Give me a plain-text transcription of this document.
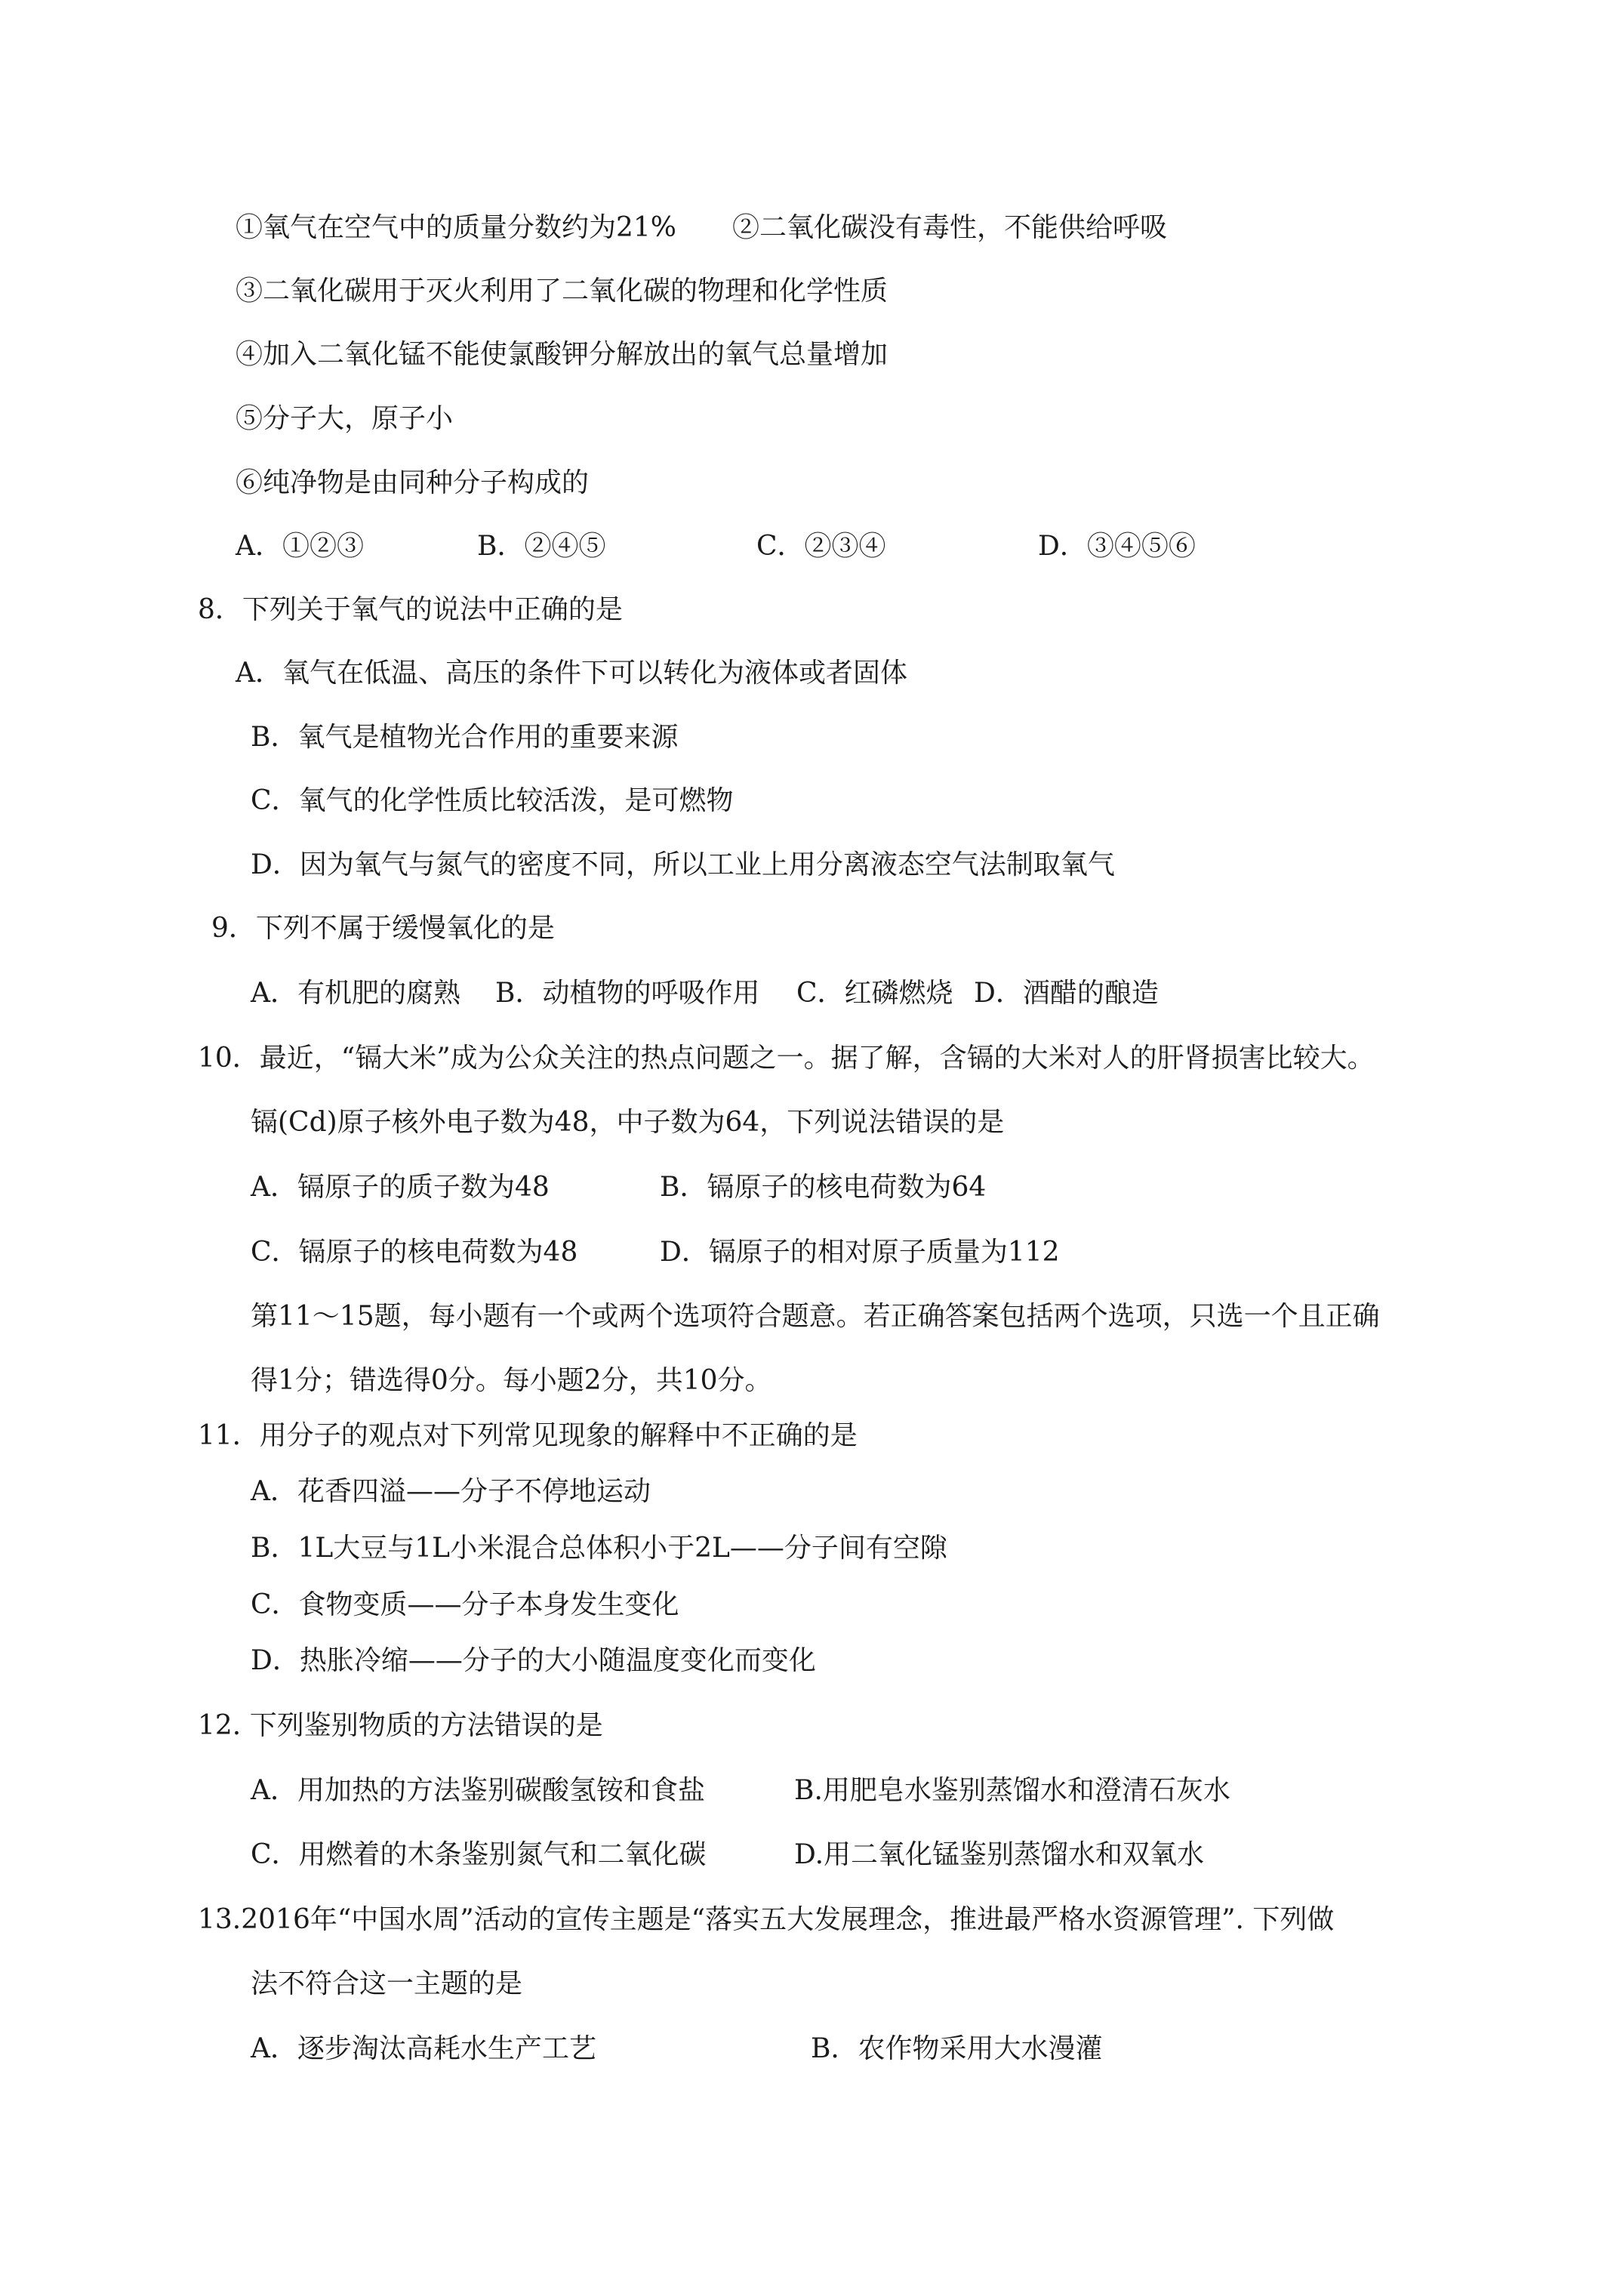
①氧气在空气中的质量分数约为21% ②二氧化碳没有毒性，不能供给呼吸
③二氧化碳用于灭火利用了二氧化碳的物理和化学性质
④加入二氧化锰不能使氯酸钾分解放出的氧气总量增加
⑤分子大，原子小
⑥纯净物是由同种分子构成的
A．①②③	B．②④⑤	C．②③④	D．③④⑤⑥
8．下列关于氧气的说法中正确的是
A．氧气在低温、高压的条件下可以转化为液体或者固体
B．氧气是植物光合作用的重要来源
C．氧气的化学性质比较活泼，是可燃物
D．因为氧气与氮气的密度不同，所以工业上用分离液态空气法制取氧气
9．下列不属于缓慢氧化的是
A．有机肥的腐熟 B．动植物的呼吸作用 C．红磷燃烧 D．酒醋的酿造
10．最近，“镉大米”成为公众关注的热点问题之一。据了解，含镉的大米对人的肝肾损害比较大。
镉(Cd)原子核外电子数为48，中子数为64，下列说法错误的是
A．镉原子的质子数为48	B．镉原子的核电荷数为64
C．镉原子的核电荷数为48	D．镉原子的相对原子质量为112
第11～15题，每小题有一个或两个选项符合题意。若正确答案包括两个选项，只选一个且正确
得1分；错选得0分。每小题2分，共10分。
11．用分子的观点对下列常见现象的解释中不正确的是
A．花香四溢——分子不停地运动
B．1L大豆与1L小米混合总体积小于2L——分子间有空隙
C．食物变质——分子本身发生变化
D．热胀冷缩——分子的大小随温度变化而变化
12. 下列鉴别物质的方法错误的是
A．用加热的方法鉴别碳酸氢铵和食盐	B.用肥皂水鉴别蒸馏水和澄清石灰水
C．用燃着的木条鉴别氮气和二氧化碳	D.用二氧化锰鉴别蒸馏水和双氧水
13.2016年“中国水周”活动的宣传主题是“落实五大发展理念，推进最严格水资源管理”. 下列做
法不符合这一主题的是
A．逐步淘汰高耗水生产工艺	B．农作物采用大水漫灌
